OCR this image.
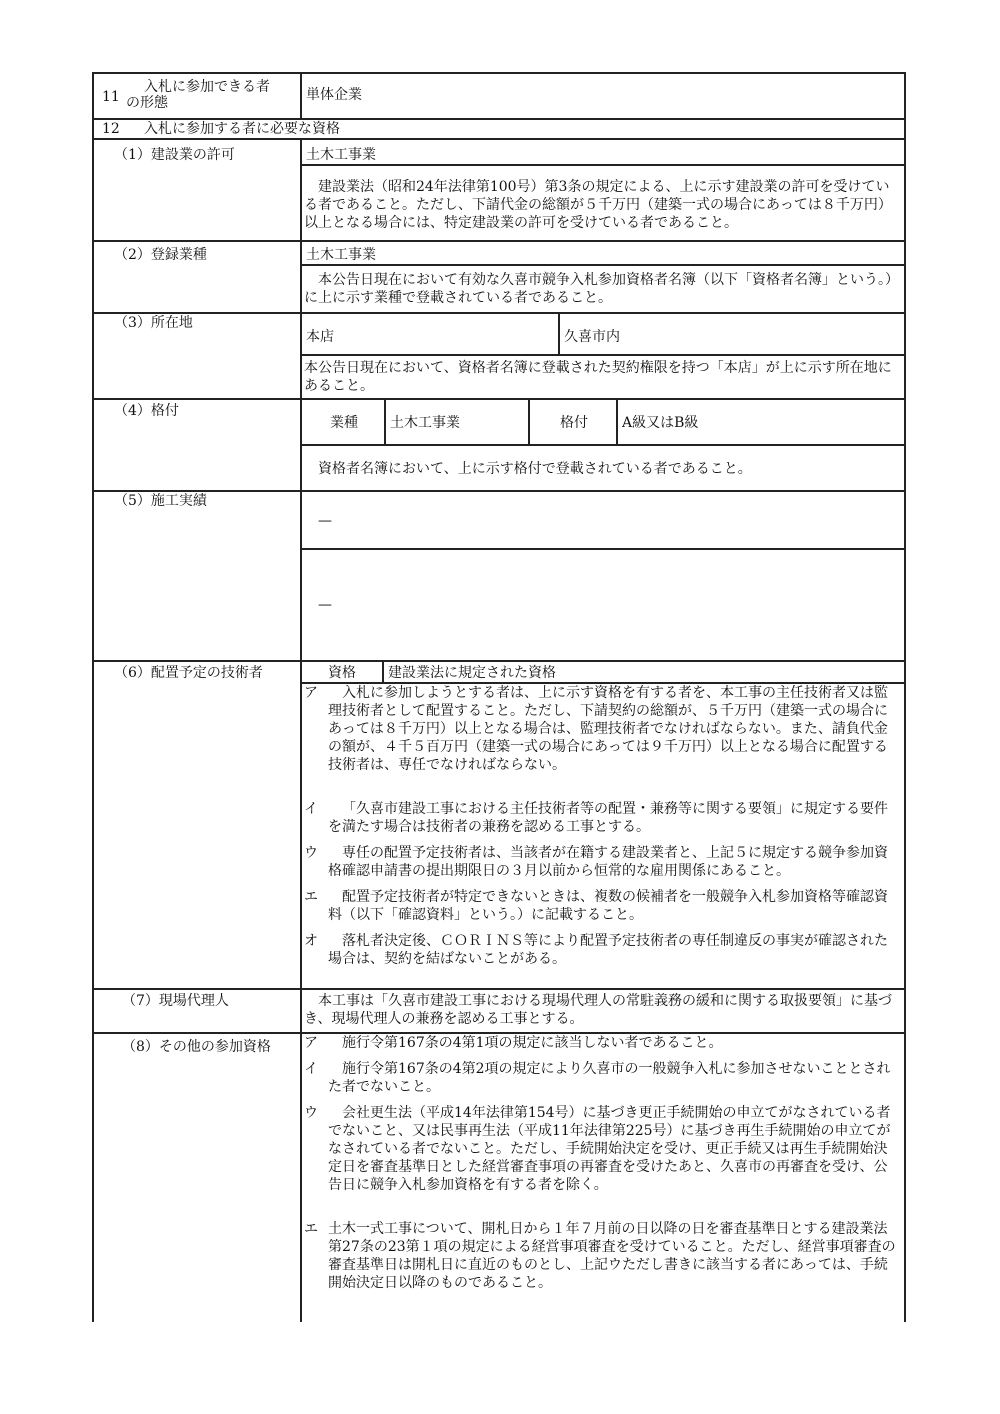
11
入札に参加できる者
の形態	単体企業
12 入札に参加する者に必要な資格
（1）建設業の許可	土木工事業
建設業法（昭和24年法律第100号）第3条の規定による、上に示す建設業の許可を受けている者であること。ただし、下請代金の総額が５千万円（建築一式の場合にあっては８千万円）以上となる場合には、特定建設業の許可を受けている者であること。
（2）登録業種	土木工事業
本公告日現在において有効な久喜市競争入札参加資格者名簿（以下「資格者名簿」という。）に上に示す業種で登載されている者であること。
（3）所在地
本店	久喜市内
本公告日現在において、資格者名簿に登載された契約権限を持つ「本店」が上に示す所在地にあること。
（4）格付
業種 土木工事業	格付 A級又はB級
資格者名簿において、上に示す格付で登載されている者であること。
（5）施工実績
—
—
（6）配置予定の技術者	資格 建設業法に規定された資格
ア	入札に参加しようとする者は、上に示す資格を有する者を、本工事の主任技術者又は監理技術者として配置すること。ただし、下請契約の総額が、５千万円（建築一式の場合にあっては８千万円）以上となる場合は、監理技術者でなければならない。また、請負代金の額が、４千５百万円（建築一式の場合にあっては９千万円）以上となる場合に配置する技術者は、専任でなければならない。
イ	「久喜市建設工事における主任技術者等の配置・兼務等に関する要領」に規定する要件を満たす場合は技術者の兼務を認める工事とする。
ウ	専任の配置予定技術者は、当該者が在籍する建設業者と、上記５に規定する競争参加資格確認申請書の提出期限日の３月以前から恒常的な雇用関係にあること。
エ	配置予定技術者が特定できないときは、複数の候補者を一般競争入札参加資格等確認資料（以下「確認資料」という。）に記載すること。
オ	落札者決定後、ＣＯＲＩＮＳ等により配置予定技術者の専任制違反の事実が確認された場合は、契約を結ばないことがある。
（7）現場代理人	本工事は「久喜市建設工事における現場代理人の常駐義務の緩和に関する取扱要領」に基づき、現場代理人の兼務を認める工事とする。
（8）その他の参加資格 ア	施行令第167条の4第1項の規定に該当しない者であること。
イ	施行令第167条の4第2項の規定により久喜市の一般競争入札に参加させないこととされた者でないこと。
ウ	会社更生法（平成14年法律第154号）に基づき更正手続開始の申立てがなされている者でないこと、又は民事再生法（平成11年法律第225号）に基づき再生手続開始の申立てがなされている者でないこと。ただし、手続開始決定を受け、更正手続又は再生手続開始決定日を審査基準日とした経営審査事項の再審査を受けたあと、久喜市の再審査を受け、公告日に競争入札参加資格を有する者を除く。
エ 土木一式工事について、開札日から１年７月前の日以降の日を審査基準日とする建設業法第27条の23第１項の規定による経営事項審査を受けていること。ただし、経営事項審査の審査基準日は開札日に直近のものとし、上記ウただし書きに該当する者にあっては、手続開始決定日以降のものであること。
